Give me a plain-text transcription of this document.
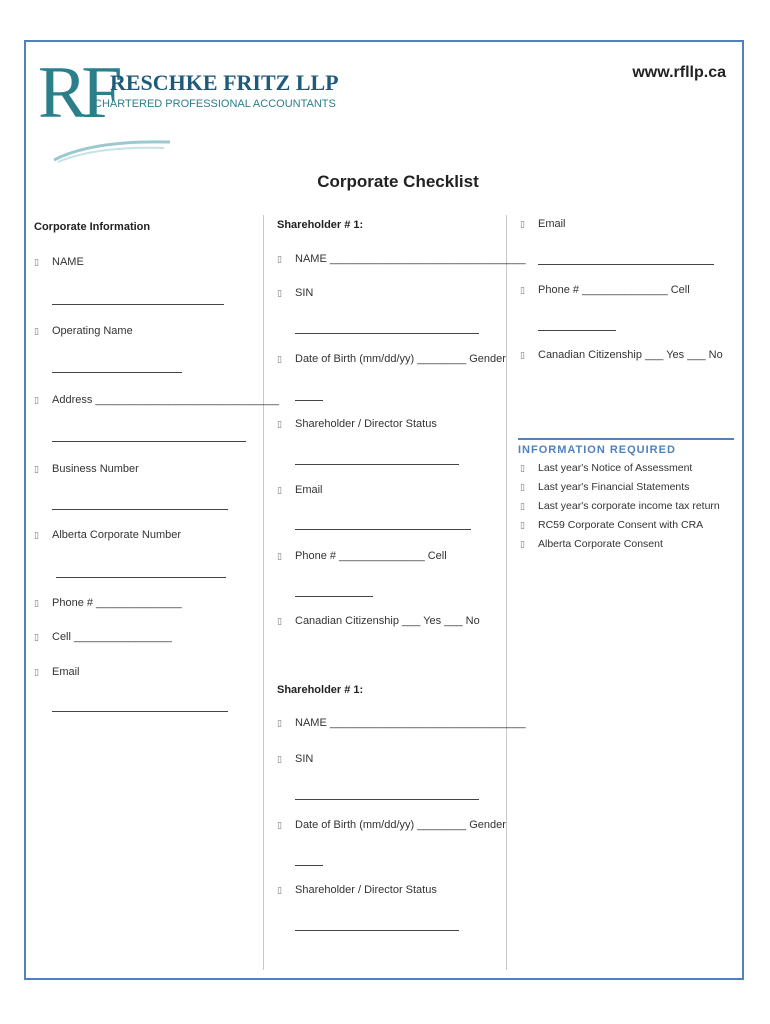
RF
RESCHKE FRITZ LLP
CHARTERED PROFESSIONAL ACCOUNTANTS
www.rfllp.ca
Corporate Checklist
Corporate Information
▯ NAME
▯ Operating Name
▯ Address ______________________________
▯ Business Number
▯ Alberta Corporate Number
▯ Phone # ______________
▯ Cell ________________
▯ Email
Shareholder # 1:
▯ NAME ________________________________
▯ SIN
▯ Date of Birth (mm/dd/yy) ________ Gender
▯ Shareholder / Director Status
▯ Email
▯ Phone # ______________ Cell
▯ Canadian Citizenship ___ Yes ___ No
Shareholder # 1:
▯ NAME ________________________________
▯ SIN
▯ Date of Birth (mm/dd/yy) ________ Gender
▯ Shareholder / Director Status
▯ Email
▯ Phone # ______________ Cell
▯ Canadian Citizenship ___ Yes ___ No
INFORMATION REQUIRED
▯ Last year's Notice of Assessment
▯ Last year's Financial Statements
▯ Last year's corporate income tax return
▯ RC59 Corporate Consent with CRA
▯ Alberta Corporate Consent
